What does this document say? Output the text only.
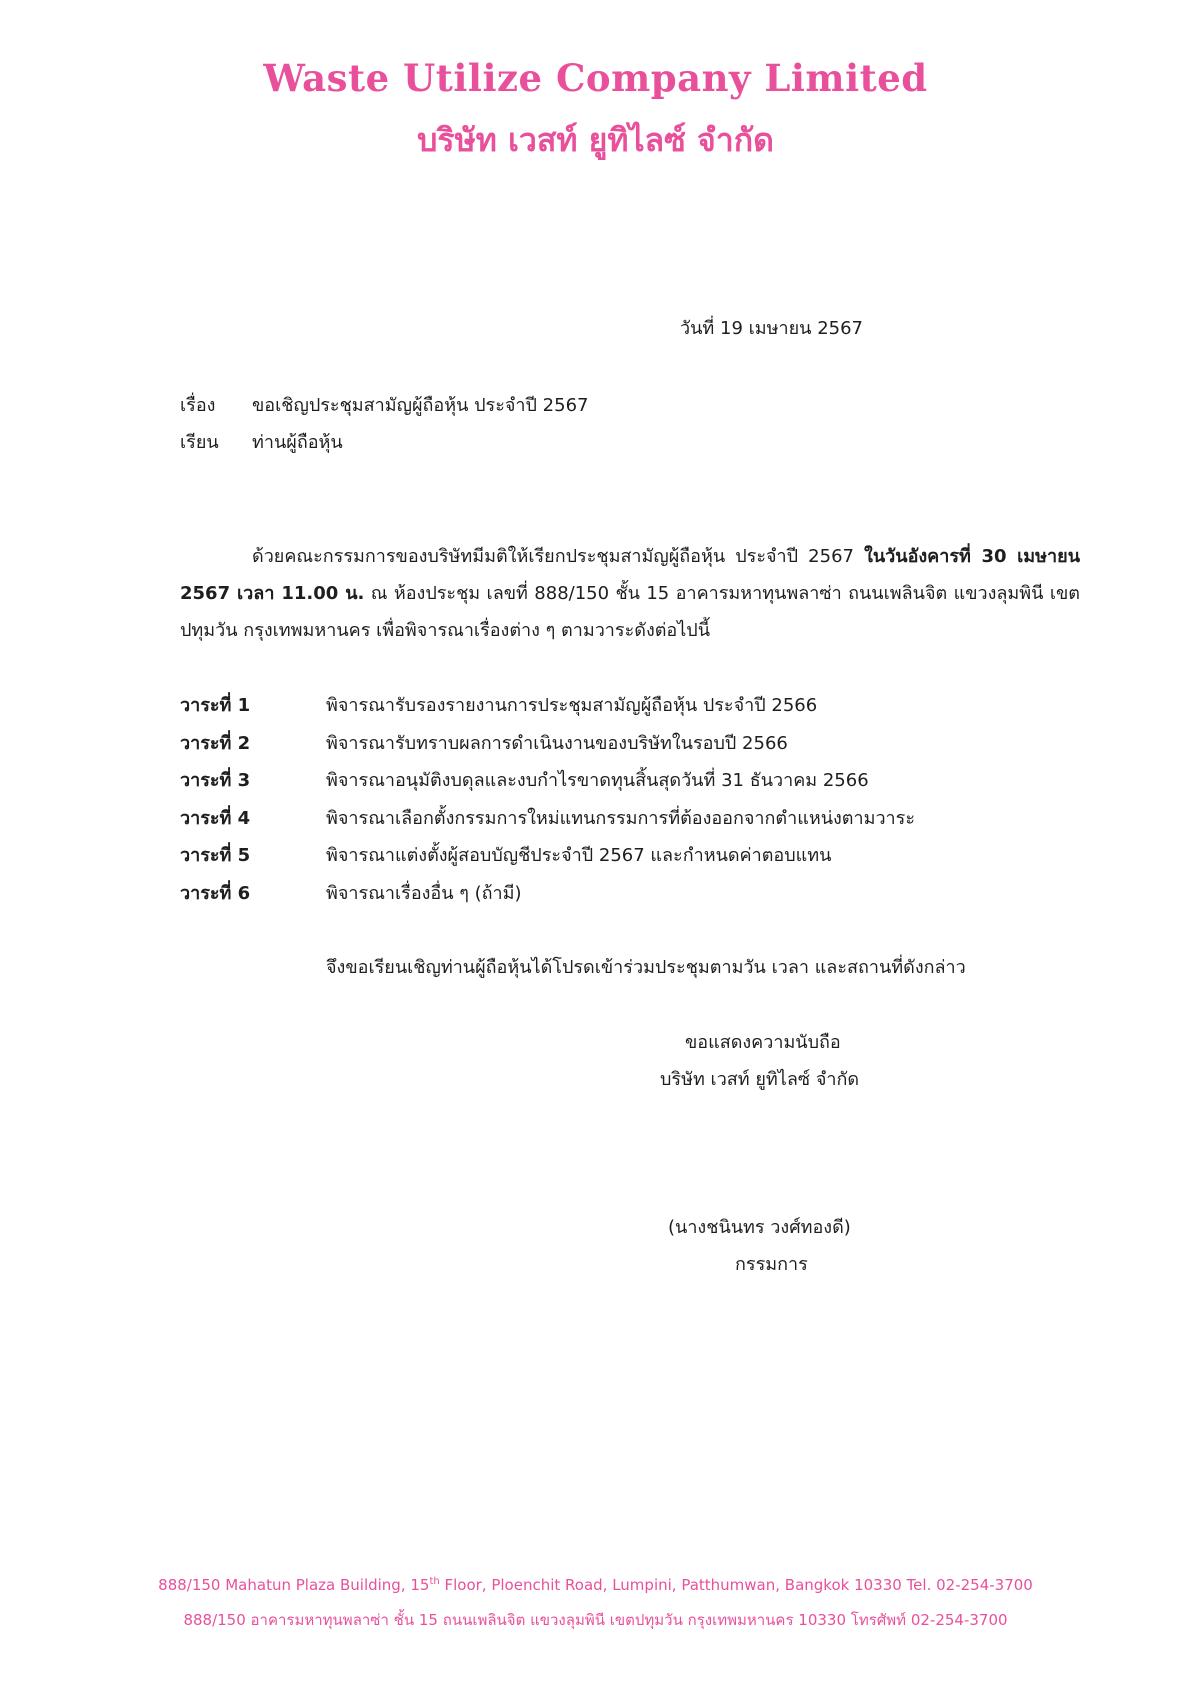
Waste Utilize Company Limited
บริษัท เวสท์ ยูทิไลซ์ จำกัด
วันที่ 19 เมษายน 2567
เรื่อง ขอเชิญประชุมสามัญผู้ถือหุ้น ประจำปี 2567
เรียน ท่านผู้ถือหุ้น
ด้วยคณะกรรมการของบริษัทมีมติให้เรียกประชุมสามัญผู้ถือหุ้น ประจำปี 2567 ในวันอังคารที่ 30 เมษายน 2567 เวลา 11.00 น. ณ ห้องประชุม เลขที่ 888/150 ชั้น 15 อาคารมหาทุนพลาซ่า ถนนเพลินจิต แขวงลุมพินี เขตปทุมวัน กรุงเทพมหานคร เพื่อพิจารณาเรื่องต่าง ๆ ตามวาระดังต่อไปนี้
วาระที่ 1	พิจารณารับรองรายงานการประชุมสามัญผู้ถือหุ้น ประจำปี 2566
วาระที่ 2	พิจารณารับทราบผลการดำเนินงานของบริษัทในรอบปี 2566
วาระที่ 3	พิจารณาอนุมัติงบดุลและงบกำไรขาดทุนสิ้นสุดวันที่ 31 ธันวาคม 2566
วาระที่ 4	พิจารณาเลือกตั้งกรรมการใหม่แทนกรรมการที่ต้องออกจากตำแหน่งตามวาระ
วาระที่ 5	พิจารณาแต่งตั้งผู้สอบบัญชีประจำปี 2567 และกำหนดค่าตอบแทน
วาระที่ 6	พิจารณาเรื่องอื่น ๆ (ถ้ามี)
จึงขอเรียนเชิญท่านผู้ถือหุ้นได้โปรดเข้าร่วมประชุมตามวัน เวลา และสถานที่ดังกล่าว
ขอแสดงความนับถือ
บริษัท เวสท์ ยูทิไลซ์ จำกัด
(นางชนินทร วงศ์ทองดี)
กรรมการ
888/150 Mahatun Plaza Building, 15th Floor, Ploenchit Road, Lumpini, Patthumwan, Bangkok 10330 Tel. 02-254-3700
888/150 อาคารมหาทุนพลาซ่า ชั้น 15 ถนนเพลินจิต แขวงลุมพินี เขตปทุมวัน กรุงเทพมหานคร 10330 โทรศัพท์ 02-254-3700
